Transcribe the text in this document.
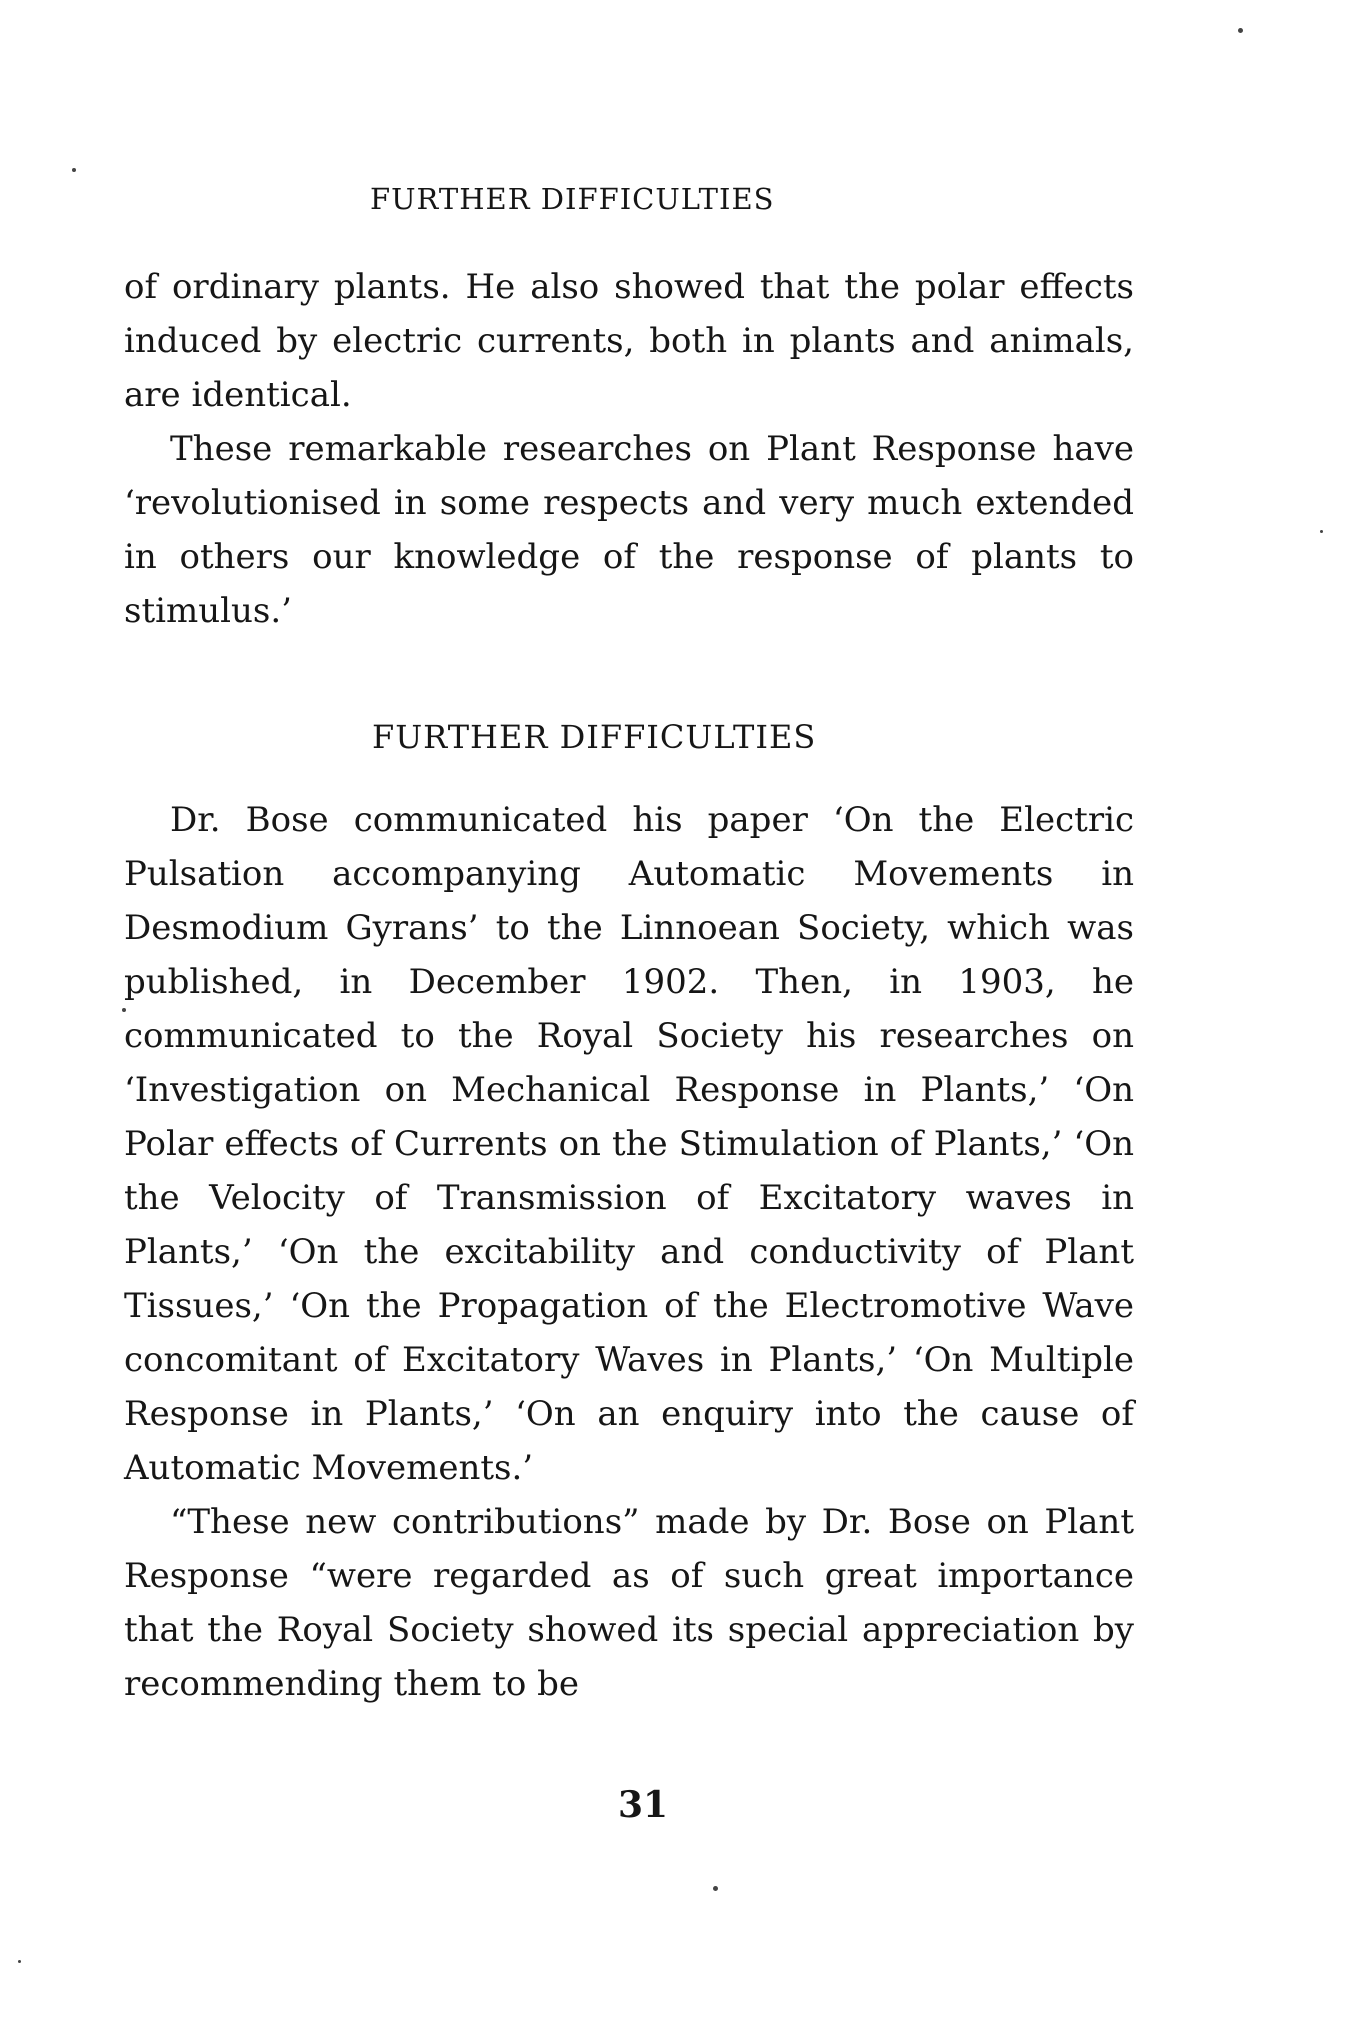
FURTHER DIFFICULTIES

of ordinary plants. He also showed that the polar effects induced by electric currents, both in plants and animals, are identical.

These remarkable researches on Plant Response have ‘revolutionised in some respects and very much extended in others our knowledge of the response of plants to stimulus.’

FURTHER DIFFICULTIES

Dr. Bose communicated his paper ‘On the Electric Pulsation accompanying Automatic Movements in Desmodium Gyrans’ to the Linnoean Society, which was published, in December 1902. Then, in 1903, he communicated to the Royal Society his researches on ‘Investigation on Mechanical Response in Plants,’ ‘On Polar effects of Currents on the Stimulation of Plants,’ ‘On the Velocity of Transmission of Excitatory waves in Plants,’ ‘On the excitability and conductivity of Plant Tissues,’ ‘On the Propagation of the Electromotive Wave concomitant of Excitatory Waves in Plants,’ ‘On Multiple Response in Plants,’ ‘On an enquiry into the cause of Automatic Movements.’

“These new contributions” made by Dr. Bose on Plant Response “were regarded as of such great importance that the Royal Society showed its special appreciation by recommending them to be

31
